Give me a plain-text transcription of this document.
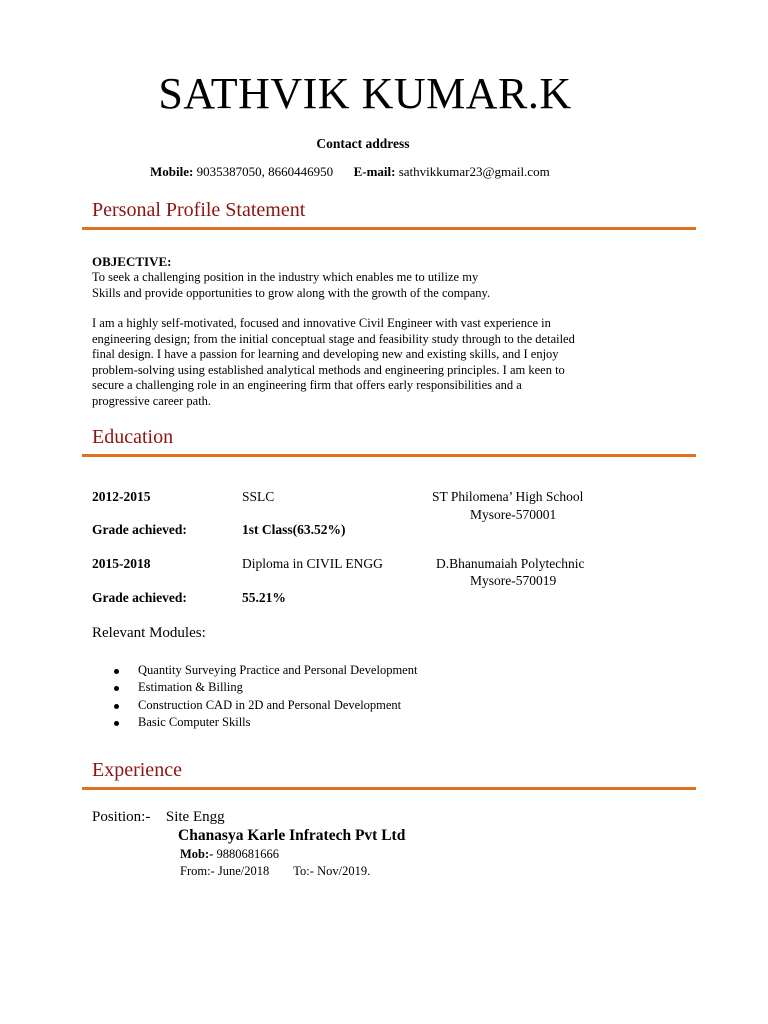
SATHVIK KUMAR.K
Contact address
Mobile: 9035387050, 8660446950 E-mail: sathvikkumar23@gmail.com
Personal Profile Statement
OBJECTIVE:
To seek a challenging position in the industry which enables me to utilize my
Skills and provide opportunities to grow along with the growth of the company.
I am a highly self-motivated, focused and innovative Civil Engineer with vast experience in
engineering design; from the initial conceptual stage and feasibility study through to the detailed
final design. I have a passion for learning and developing new and existing skills, and I enjoy
problem-solving using established analytical methods and engineering principles. I am keen to
secure a challenging role in an engineering firm that offers early responsibilities and a
progressive career path.
Education
2012-2015	SSLC	ST Philomena’ High School
Mysore-570001
Grade achieved:	1st Class(63.52%)
2015-2018	Diploma in CIVIL ENGG	D.Bhanumaiah Polytechnic
Mysore-570019
Grade achieved:	55.21%
Relevant Modules:
Quantity Surveying Practice and Personal Development
Estimation & Billing
Construction CAD in 2D and Personal Development
Basic Computer Skills
Experience
Position:- Site Engg
Chanasya Karle Infratech Pvt Ltd
Mob:- 9880681666
From:- June/2018 To:- Nov/2019.
